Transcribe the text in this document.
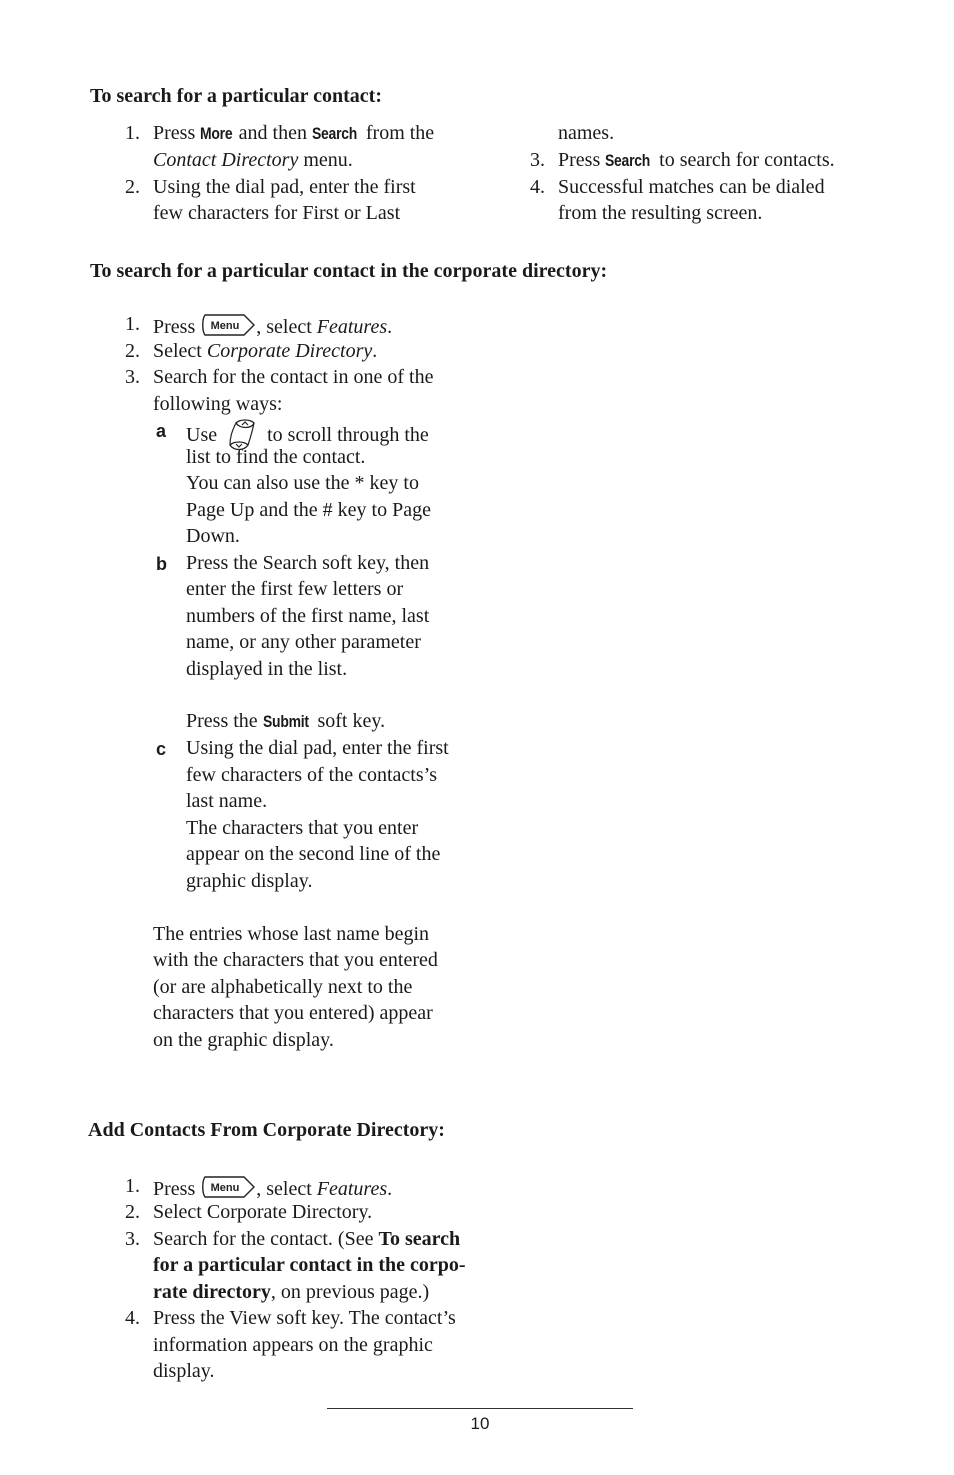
To search for a particular contact:
1. Press More and then Search from the
Contact Directory menu.
2. Using the dial pad, enter the first
few characters for First or Last
names.
3. Press Search to search for contacts.
4. Successful matches can be dialed
from the resulting screen.
To search for a particular contact in the corporate directory:
1. Press Menu , select Features.
2. Select Corporate Directory.
3. Search for the contact in one of the
following ways:
a Use	to scroll through the
list to find the contact.
You can also use the * key to
Page Up and the # key to Page
Down.
b Press the Search soft key, then
enter the first few letters or
numbers of the first name, last
name, or any other parameter
displayed in the list.
Press the Submit soft key.
c Using the dial pad, enter the first
few characters of the contacts’s
last name.
The characters that you enter
appear on the second line of the
graphic display.
The entries whose last name begin
with the characters that you entered
(or are alphabetically next to the
characters that you entered) appear
on the graphic display.
Add Contacts From Corporate Directory:
1. Press Menu , select Features.
2. Select Corporate Directory.
3. Search for the contact. (See To search
for a particular contact in the corpo-
rate directory, on previous page.)
4. Press the View soft key. The contact’s
information appears on the graphic
display.
10
